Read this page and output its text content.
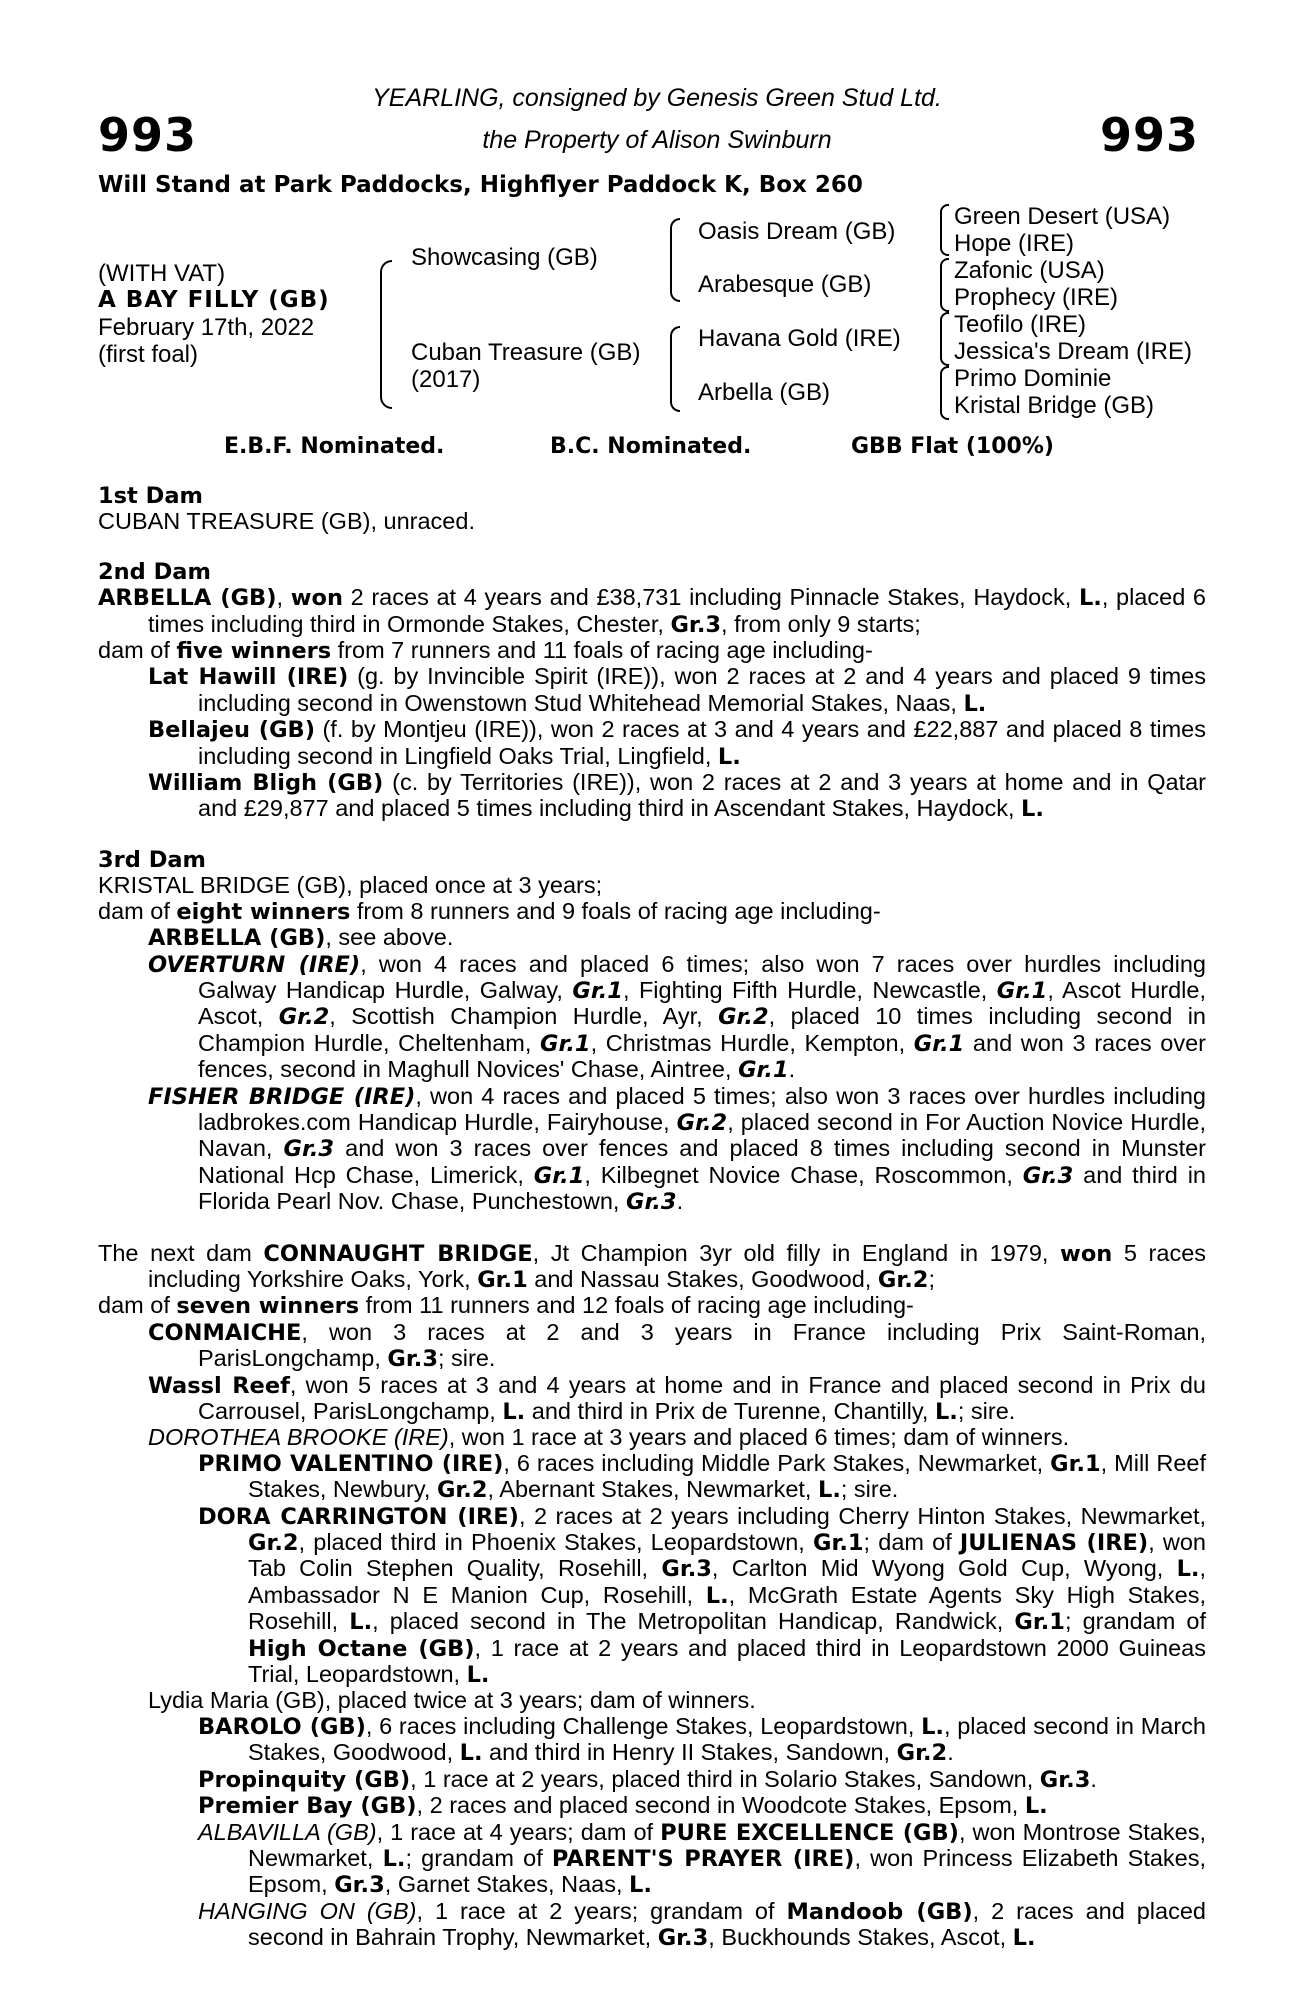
993	993
YEARLING, consigned by Genesis Green Stud Ltd.
the Property of Alison Swinburn
Will Stand at Park Paddocks, Highflyer Paddock K, Box 260
(WITH VAT)
A BAY FILLY (GB)
February 17th, 2022
(first foal)
Showcasing (GB)
Cuban Treasure (GB)
(2017)
Oasis Dream (GB)
Arabesque (GB)
Havana Gold (IRE)
Arbella (GB)
Green Desert (USA)
Hope (IRE)
Zafonic (USA)
Prophecy (IRE)
Teofilo (IRE)
Jessica's Dream (IRE)
Primo Dominie
Kristal Bridge (GB)
E.B.F. Nominated.	B.C. Nominated.	GBB Flat (100%)

1st Dam

CUBAN TREASURE (GB), unraced.

2nd Dam

ARBELLA (GB), won 2 races at 4 years and £38,731 including Pinnacle Stakes, Haydock, L., placed 6 times including third in Ormonde Stakes, Chester, Gr.3, from only 9 starts;

dam of five winners from 7 runners and 11 foals of racing age including-

Lat Hawill (IRE) (g. by Invincible Spirit (IRE)), won 2 races at 2 and 4 years and placed 9 times including second in Owenstown Stud Whitehead Memorial Stakes, Naas, L.

Bellajeu (GB) (f. by Montjeu (IRE)), won 2 races at 3 and 4 years and £22,887 and placed 8 times including second in Lingfield Oaks Trial, Lingfield, L.

William Bligh (GB) (c. by Territories (IRE)), won 2 races at 2 and 3 years at home and in Qatar and £29,877 and placed 5 times including third in Ascendant Stakes, Haydock, L.

3rd Dam

KRISTAL BRIDGE (GB), placed once at 3 years;

dam of eight winners from 8 runners and 9 foals of racing age including-

ARBELLA (GB), see above.

OVERTURN (IRE), won 4 races and placed 6 times; also won 7 races over hurdles including Galway Handicap Hurdle, Galway, Gr.1, Fighting Fifth Hurdle, Newcastle, Gr.1, Ascot Hurdle, Ascot, Gr.2, Scottish Champion Hurdle, Ayr, Gr.2, placed 10 times including second in Champion Hurdle, Cheltenham, Gr.1, Christmas Hurdle, Kempton, Gr.1 and won 3 races over fences, second in Maghull Novices' Chase, Aintree, Gr.1.

FISHER BRIDGE (IRE), won 4 races and placed 5 times; also won 3 races over hurdles including ladbrokes.com Handicap Hurdle, Fairyhouse, Gr.2, placed second in For Auction Novice Hurdle, Navan, Gr.3 and won 3 races over fences and placed 8 times including second in Munster National Hcp Chase, Limerick, Gr.1, Kilbegnet Novice Chase, Roscommon, Gr.3 and third in Florida Pearl Nov. Chase, Punchestown, Gr.3.

The next dam CONNAUGHT BRIDGE, Jt Champion 3yr old filly in England in 1979, won 5 races including Yorkshire Oaks, York, Gr.1 and Nassau Stakes, Goodwood, Gr.2;

dam of seven winners from 11 runners and 12 foals of racing age including-

CONMAICHE, won 3 races at 2 and 3 years in France including Prix Saint-Roman, ParisLongchamp, Gr.3; sire.

Wassl Reef, won 5 races at 3 and 4 years at home and in France and placed second in Prix du Carrousel, ParisLongchamp, L. and third in Prix de Turenne, Chantilly, L.; sire.

DOROTHEA BROOKE (IRE), won 1 race at 3 years and placed 6 times; dam of winners.

PRIMO VALENTINO (IRE), 6 races including Middle Park Stakes, Newmarket, Gr.1, Mill Reef Stakes, Newbury, Gr.2, Abernant Stakes, Newmarket, L.; sire.

DORA CARRINGTON (IRE), 2 races at 2 years including Cherry Hinton Stakes, Newmarket, Gr.2, placed third in Phoenix Stakes, Leopardstown, Gr.1; dam of JULIENAS (IRE), won Tab Colin Stephen Quality, Rosehill, Gr.3, Carlton Mid Wyong Gold Cup, Wyong, L., Ambassador N E Manion Cup, Rosehill, L., McGrath Estate Agents Sky High Stakes, Rosehill, L., placed second in The Metropolitan Handicap, Randwick, Gr.1; grandam of High Octane (GB), 1 race at 2 years and placed third in Leopardstown 2000 Guineas Trial, Leopardstown, L.

Lydia Maria (GB), placed twice at 3 years; dam of winners.

BAROLO (GB), 6 races including Challenge Stakes, Leopardstown, L., placed second in March Stakes, Goodwood, L. and third in Henry II Stakes, Sandown, Gr.2.

Propinquity (GB), 1 race at 2 years, placed third in Solario Stakes, Sandown, Gr.3.

Premier Bay (GB), 2 races and placed second in Woodcote Stakes, Epsom, L.

ALBAVILLA (GB), 1 race at 4 years; dam of PURE EXCELLENCE (GB), won Montrose Stakes, Newmarket, L.; grandam of PARENT'S PRAYER (IRE), won Princess Elizabeth Stakes, Epsom, Gr.3, Garnet Stakes, Naas, L.

HANGING ON (GB), 1 race at 2 years; grandam of Mandoob (GB), 2 races and placed second in Bahrain Trophy, Newmarket, Gr.3, Buckhounds Stakes, Ascot, L.
